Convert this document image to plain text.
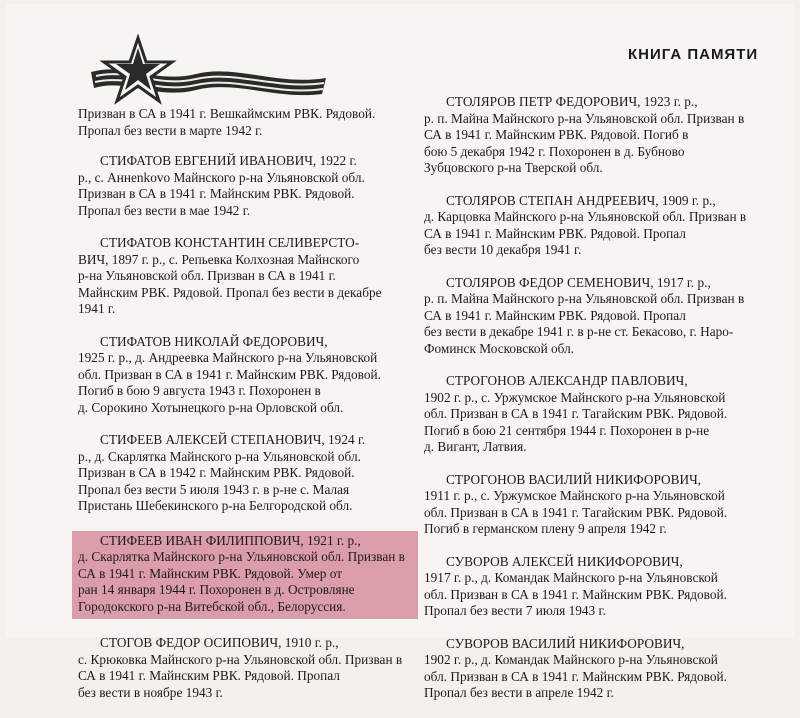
КНИГА ПАМЯТИ
Призван в СА в 1941 г. Вешкаймским РВК. Рядовой.
Пропал без вести в марте 1942 г.
СТИФАТОВ ЕВГЕНИЙ ИВАНОВИЧ, 1922 г.
р., с. Аннenkovo Майнского р-на Ульяновской обл.
Призван в СА в 1941 г. Майнским РВК. Рядовой.
Пропал без вести в мае 1942 г.
СТИФАТОВ КОНСТАНТИН СЕЛИВЕРСТО-
ВИЧ, 1897 г. р., с. Репьевка Колхозная Майнского
р-на Ульяновской обл. Призван в СА в 1941 г.
Майнским РВК. Рядовой. Пропал без вести в декабре
1941 г.
СТИФАТОВ НИКОЛАЙ ФЕДОРОВИЧ,
1925 г. р., д. Андреевка Майнского р-на Ульяновской
обл. Призван в СА в 1941 г. Майнским РВК. Рядовой.
Погиб в бою 9 августа 1943 г. Похоронен в
д. Сорокино Хотынецкого р-на Орловской обл.
СТИФЕЕВ АЛЕКСЕЙ СТЕПАНОВИЧ, 1924 г.
р., д. Скарлятка Майнского р-на Ульяновской обл.
Призван в СА в 1942 г. Майнским РВК. Рядовой.
Пропал без вести 5 июля 1943 г. в р-не с. Малая
Пристань Шебекинского р-на Белгородской обл.
СТИФЕЕВ ИВАН ФИЛИППОВИЧ, 1921 г. р.,
д. Скарлятка Майнского р-на Ульяновской обл. Призван в СА в 1941 г. Майнским РВК. Рядовой. Умер от
ран 14 января 1944 г. Похоронен в д. Островляне
Городокского р-на Витебской обл., Белоруссия.
СТОГОВ ФЕДОР ОСИПОВИЧ, 1910 г. р.,
с. Крюковка Майнского р-на Ульяновской обл. Призван в СА в 1941 г. Майнским РВК. Рядовой. Пропал
без вести в ноябре 1943 г.
СТОЛЯРОВ ПЕТР ФЕДОРОВИЧ, 1923 г. р.,
р. п. Майна Майнского р-на Ульяновской обл. Призван в СА в 1941 г. Майнским РВК. Рядовой. Погиб в
бою 5 декабря 1942 г. Похоронен в д. Бубново
Зубцовского р-на Тверской обл.
СТОЛЯРОВ СТЕПАН АНДРЕЕВИЧ, 1909 г. р.,
д. Карцовка Майнского р-на Ульяновской обл. Призван в СА в 1941 г. Майнским РВК. Рядовой. Пропал
без вести 10 декабря 1941 г.
СТОЛЯРОВ ФЕДОР СЕМЕНОВИЧ, 1917 г. р.,
р. п. Майна Майнского р-на Ульяновской обл. Призван в СА в 1941 г. Майнским РВК. Рядовой. Пропал
без вести в декабре 1941 г. в р-не ст. Бекасово, г. Наро-
Фоминск Московской обл.
СТРОГОНОВ АЛЕКСАНДР ПАВЛОВИЧ,
1902 г. р., с. Уржумское Майнского р-на Ульяновской
обл. Призван в СА в 1941 г. Тагайским РВК. Рядовой.
Погиб в бою 21 сентября 1944 г. Похоронен в р-не
д. Вигант, Латвия.
СТРОГОНОВ ВАСИЛИЙ НИКИФОРОВИЧ,
1911 г. р., с. Уржумское Майнского р-на Ульяновской
обл. Призван в СА в 1941 г. Тагайским РВК. Рядовой.
Погиб в германском плену 9 апреля 1942 г.
СУВОРОВ АЛЕКСЕЙ НИКИФОРОВИЧ,
1917 г. р., д. Командак Майнского р-на Ульяновской
обл. Призван в СА в 1941 г. Майнским РВК. Рядовой.
Пропал без вести 7 июля 1943 г.
СУВОРОВ ВАСИЛИЙ НИКИФОРОВИЧ,
1902 г. р., д. Командак Майнского р-на Ульяновской
обл. Призван в СА в 1941 г. Майнским РВК. Рядовой.
Пропал без вести в апреле 1942 г.
